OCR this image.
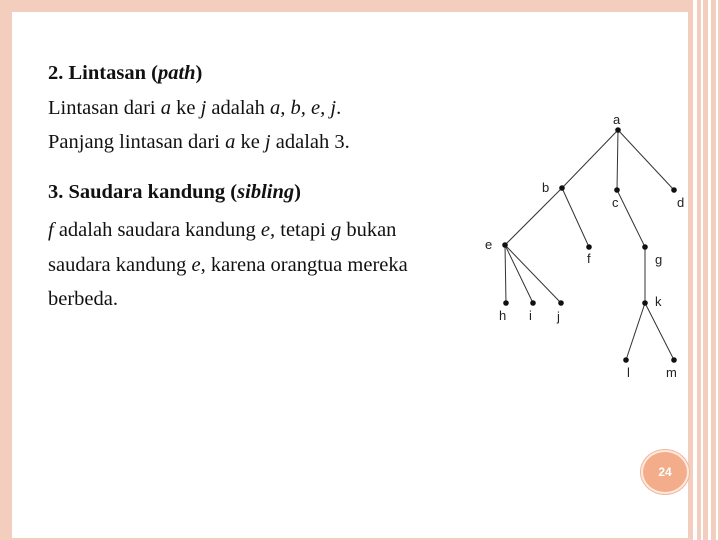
2. Lintasan (path)
Lintasan dari a ke j adalah a, b, e, j.
Panjang lintasan dari a ke j adalah 3.
3. Saudara kandung (sibling)
f adalah saudara kandung e, tetapi g bukan
saudara kandung e, karena orangtua mereka
berbeda.
a
b
c	d
e
f	g
h i j
k
l	m
24
